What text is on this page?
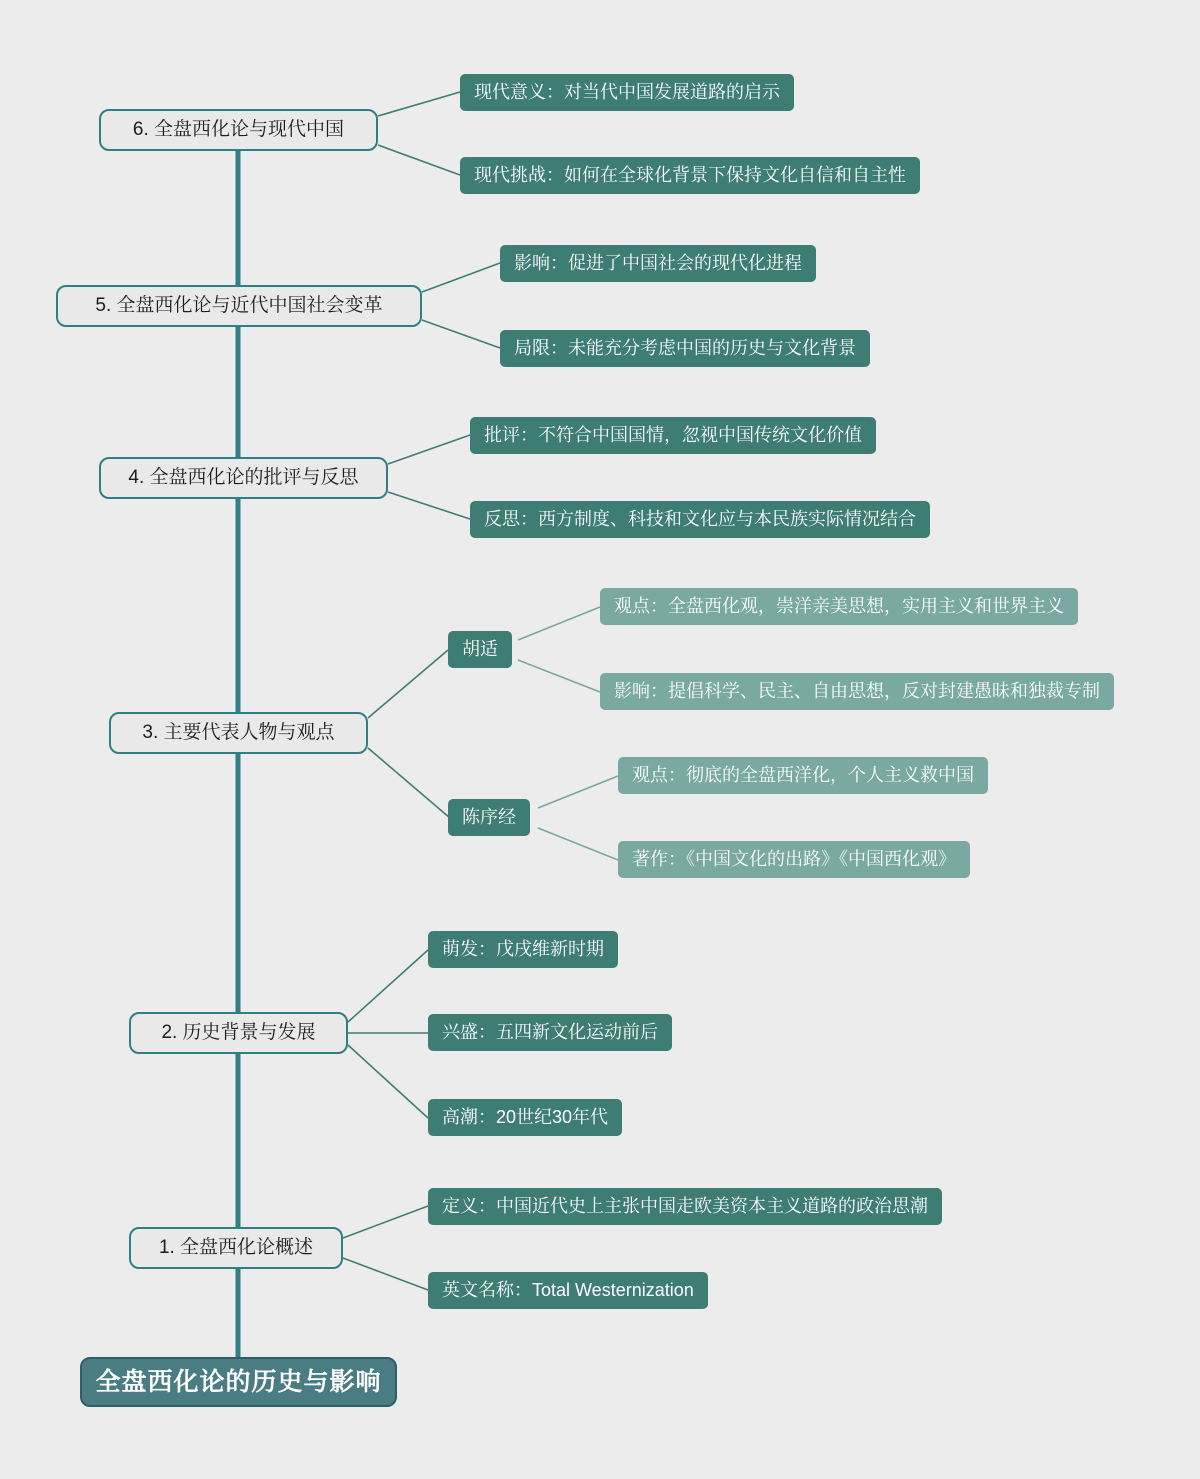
全盘西化论的历史与影响
1. 全盘西化论概述
定义：中国近代史上主张中国走欧美资本主义道路的政治思潮
英文名称：Total Westernization
2. 历史背景与发展
萌发：戊戌维新时期
兴盛：五四新文化运动前后
高潮：20世纪30年代
3. 主要代表人物与观点
胡适
观点：全盘西化观，崇洋亲美思想，实用主义和世界主义
影响：提倡科学、民主、自由思想，反对封建愚昧和独裁专制
陈序经
观点：彻底的全盘西洋化，个人主义救中国
著作：《中国文化的出路》《中国西化观》
4. 全盘西化论的批评与反思
批评：不符合中国国情，忽视中国传统文化价值
反思：西方制度、科技和文化应与本民族实际情况结合
5. 全盘西化论与近代中国社会变革
影响：促进了中国社会的现代化进程
局限：未能充分考虑中国的历史与文化背景
6. 全盘西化论与现代中国
现代意义：对当代中国发展道路的启示
现代挑战：如何在全球化背景下保持文化自信和自主性
